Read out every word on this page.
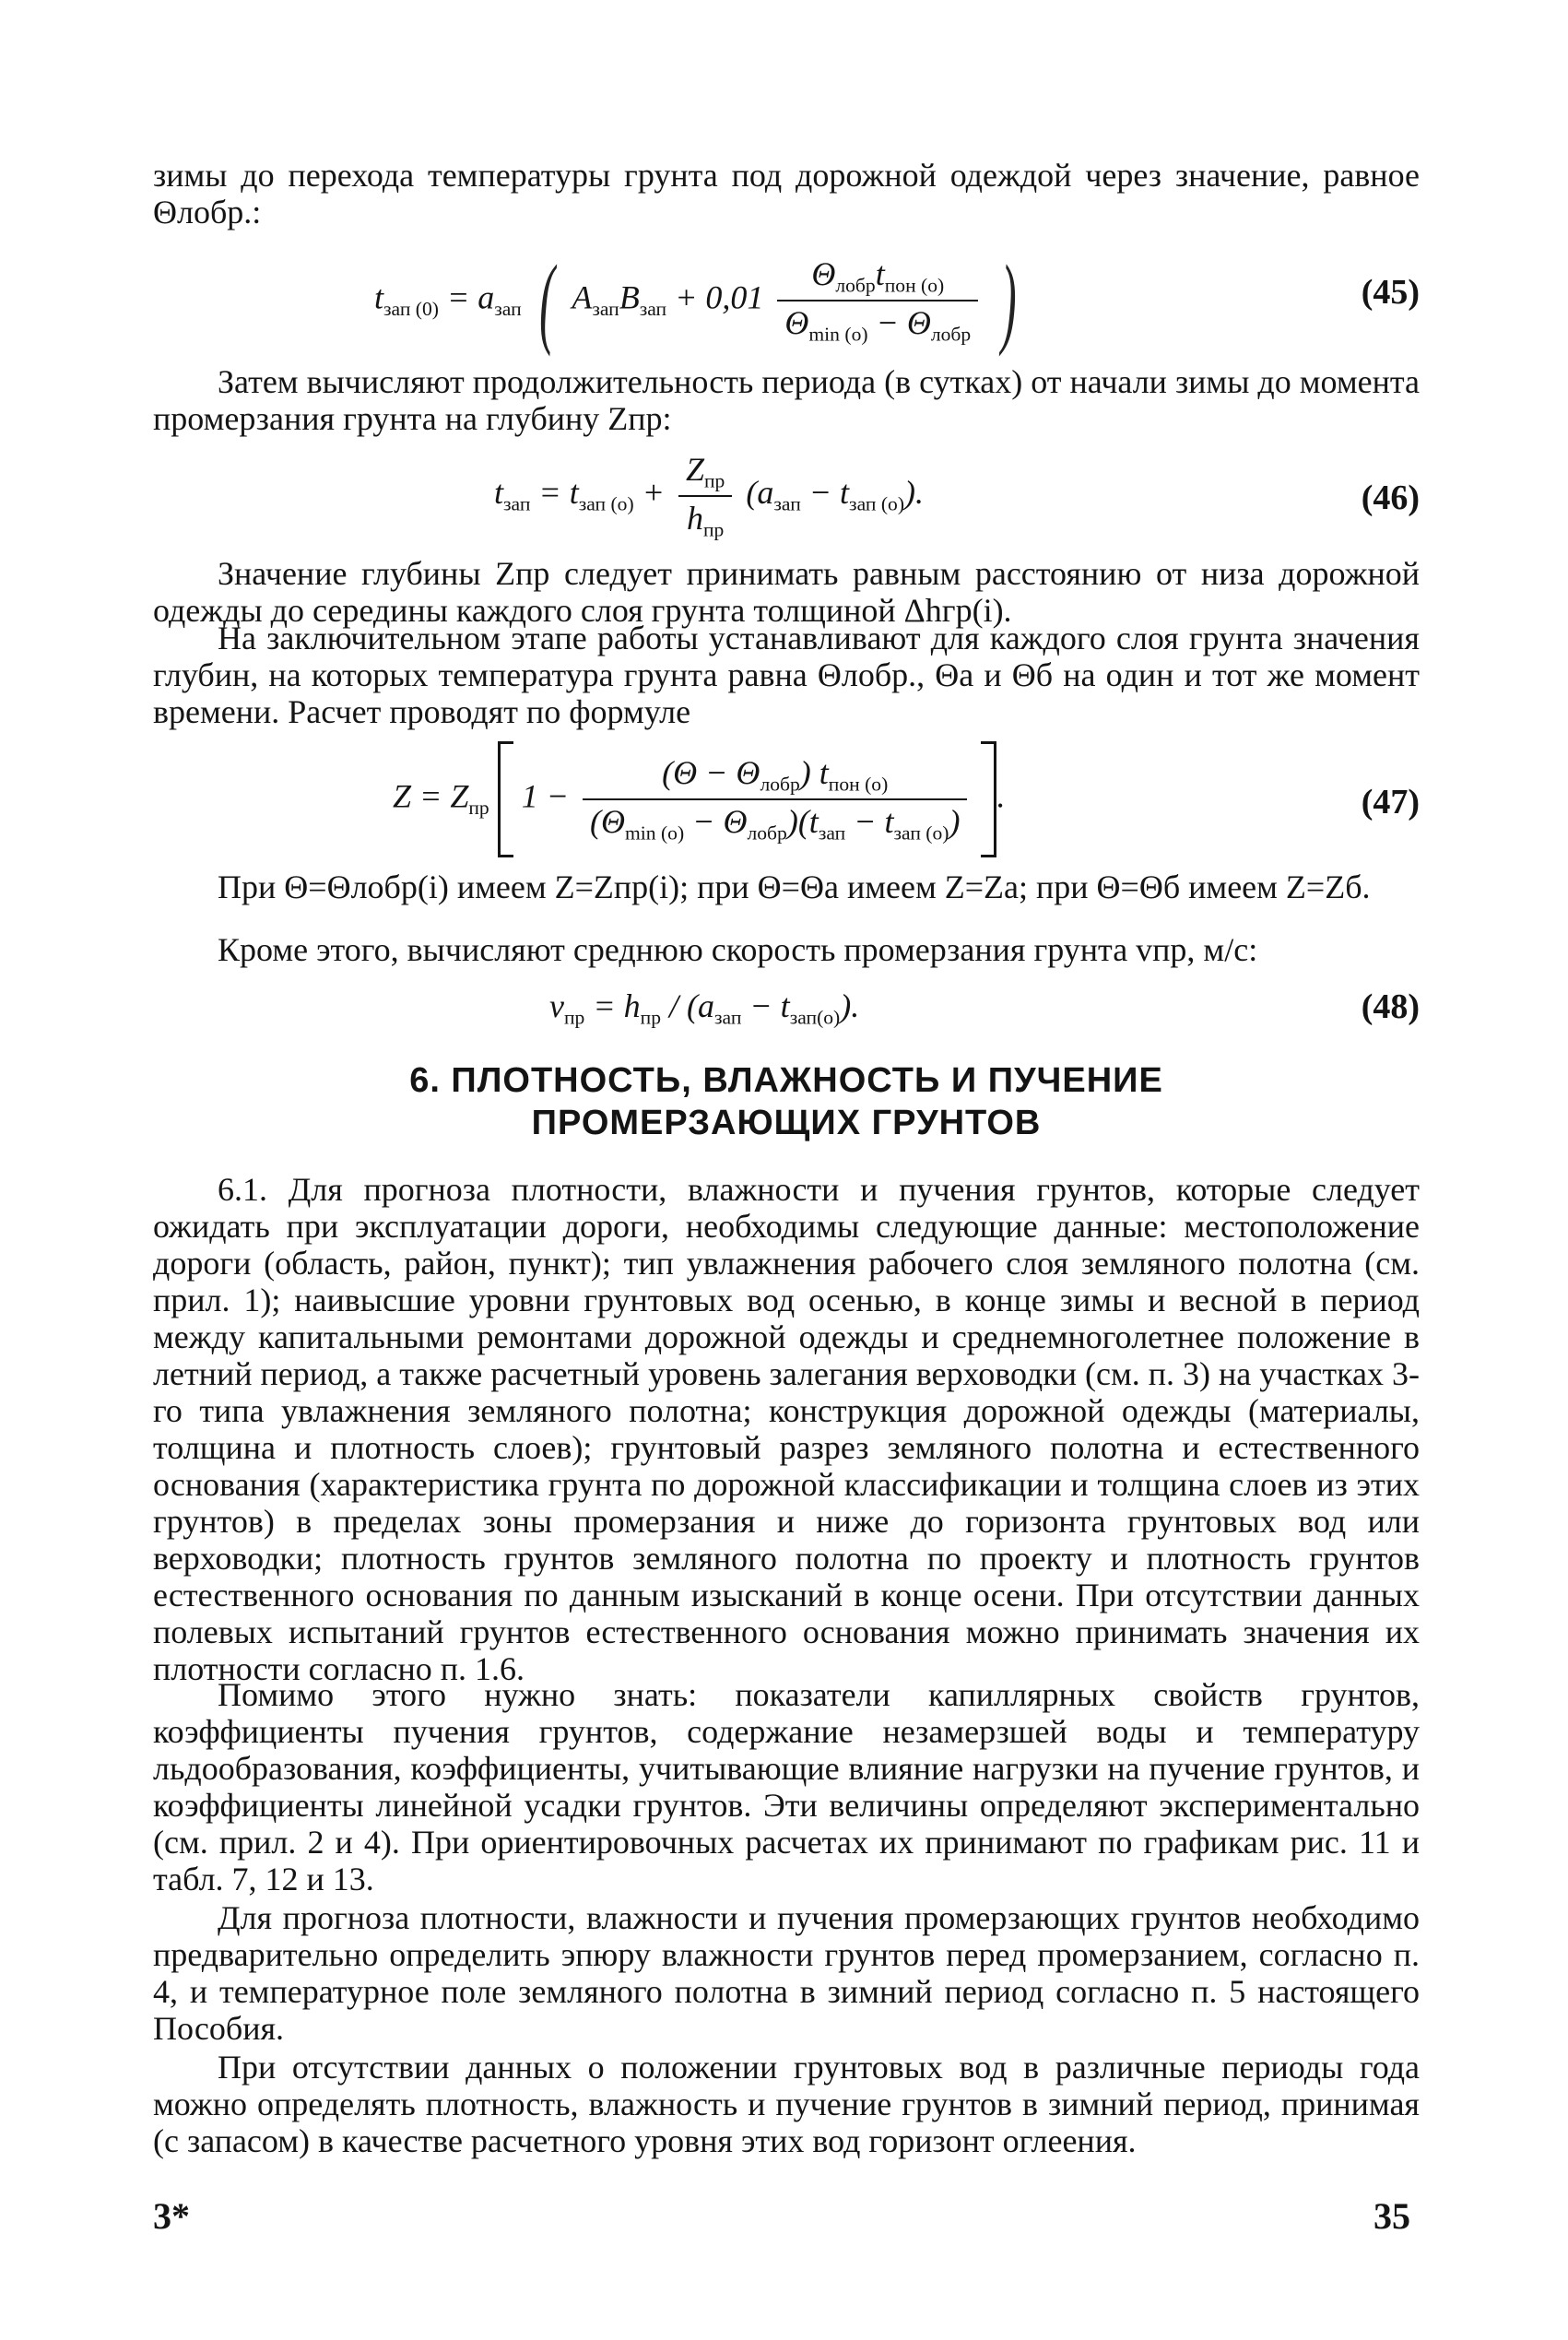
зимы до перехода температуры грунта под дорожной одеждой через значение, равное Θлобр.:

$t_{зап (0)} = a_{зап}$ ( $A_{зап}B_{зап} + 0,01 \frac{\Theta_{лобр}t_{пон (о)}}{\Theta_{min (о)} - \Theta_{лобр}}$ )	(45)

Затем вычисляют продолжительность периода (в сутках) от начали зимы до момента промерзания грунта на глубину Zпр:

$t_{зап} = t_{зап (о)} + \frac{Z_{пр}}{h_{пр}} (a_{зап} - t_{зап (о)})$.	(46)

Значение глубины Zпр следует принимать равным расстоянию от низа дорожной одежды до середины каждого слоя грунта толщиной Δhгр(i).

На заключительном этапе работы устанавливают для каждого слоя грунта значения глубин, на которых температура грунта равна Θлобр., Θа и Θб на один и тот же момент времени. Расчет проводят по формуле

$Z = Z_{пр}$  $1 - \frac{(\Theta - \Theta_{лобр}) t_{пон (о)}}{(\Theta_{min (о)} - \Theta_{лобр})(t_{зап} - t_{зап (о)})}$ .	(47)

При Θ=Θлобр(i) имеем Z=Zпр(i); при Θ=Θа имеем Z=Zа; при Θ=Θб имеем Z=Zб.

Кроме этого, вычисляют среднюю скорость промерзания грунта vпр, м/с:

$v_{пр} = h_{пр} / (a_{зап} - t_{зап(о)})$.	(48)
6. ПЛОТНОСТЬ, ВЛАЖНОСТЬ И ПУЧЕНИЕ
ПРОМЕРЗАЮЩИХ ГРУНТОВ

6.1. Для прогноза плотности, влажности и пучения грунтов, которые следует ожидать при эксплуатации дороги, необходимы следующие данные: местоположение дороги (область, район, пункт); тип увлажнения рабочего слоя земляного полотна (см. прил. 1); наивысшие уровни грунтовых вод осенью, в конце зимы и весной в период между капитальными ремонтами дорожной одежды и среднемноголетнее положение в летний период, а также расчетный уровень залегания верховодки (см. п. 3) на участках 3-го типа увлажнения земляного полотна; конструкция дорожной одежды (материалы, толщина и плотность слоев); грунтовый разрез земляного полотна и естественного основания (характеристика грунта по дорожной классификации и толщина слоев из этих грунтов) в пределах зоны промерзания и ниже до горизонта грунтовых вод или верховодки; плотность грунтов земляного полотна по проекту и плотность грунтов естественного основания по данным изысканий в конце осени. При отсутствии данных полевых испытаний грунтов естественного основания можно принимать значения их плотности согласно п. 1.6.

Помимо этого нужно знать: показатели капиллярных свойств грунтов, коэффициенты пучения грунтов, содержание незамерзшей воды и температуру льдообразования, коэффициенты, учитывающие влияние нагрузки на пучение грунтов, и коэффициенты линейной усадки грунтов. Эти величины определяют экспериментально (см. прил. 2 и 4). При ориентировочных расчетах их принимают по графикам рис. 11 и табл. 7, 12 и 13.

Для прогноза плотности, влажности и пучения промерзающих грунтов необходимо предварительно определить эпюру влажности грунтов перед промерзанием, согласно п. 4, и температурное поле земляного полотна в зимний период согласно п. 5 настоящего Пособия.

При отсутствии данных о положении грунтовых вод в различные периоды года можно определять плотность, влажность и пучение грунтов в зимний период, принимая (с запасом) в качестве расчетного уровня этих вод горизонт оглеения.

3*	35
